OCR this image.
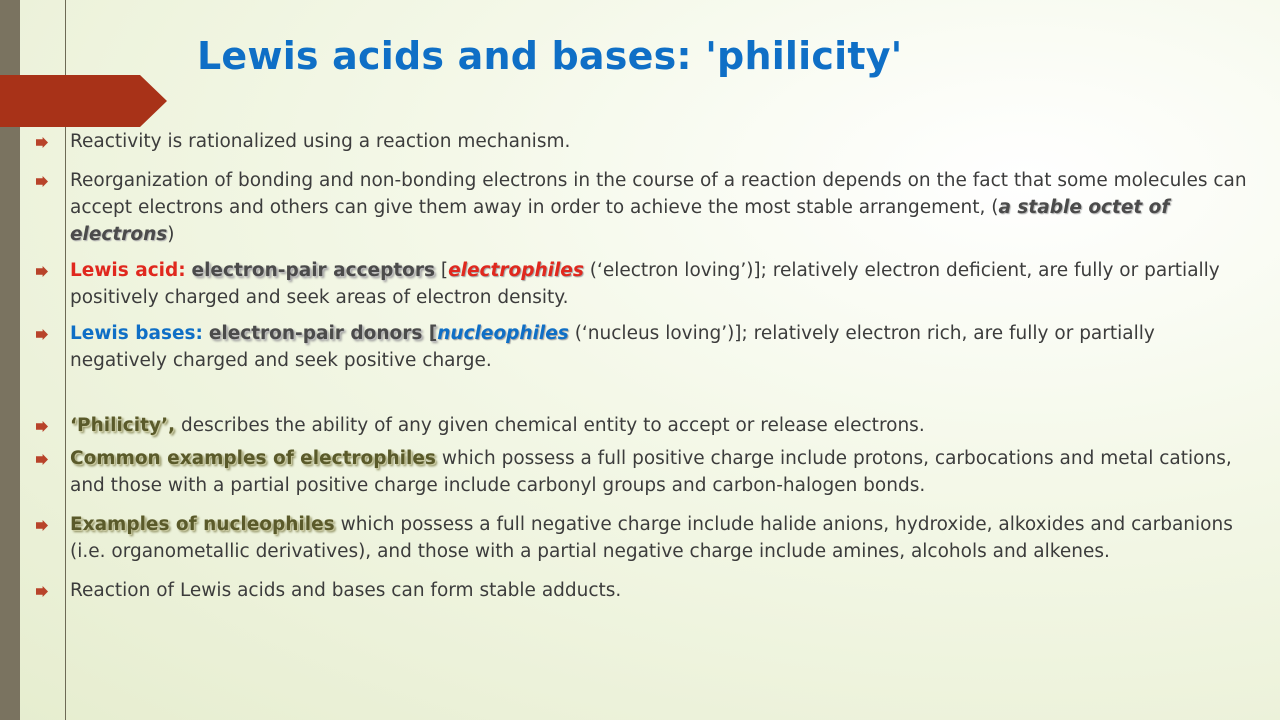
Lewis acids and bases: 'philicity'
Reactivity is rationalized using a reaction mechanism.
Reorganization of bonding and non-bonding electrons in the course of a reaction depends on the fact that some molecules can accept electrons and others can give them away in order to achieve the most stable arrangement, (a stable octet of electrons)
Lewis acid: electron-pair acceptors [electrophiles (‘electron loving’)]; relatively electron deficient, are fully or partially positively charged and seek areas of electron density.
Lewis bases: electron-pair donors [nucleophiles (‘nucleus loving’)]; relatively electron rich, are fully or partially negatively charged and seek positive charge.
‘Philicity’, describes the ability of any given chemical entity to accept or release electrons.
Common examples of electrophiles which possess a full positive charge include protons, carbocations and metal cations, and those with a partial positive charge include carbonyl groups and carbon-halogen bonds.
Examples of nucleophiles which possess a full negative charge include halide anions, hydroxide, alkoxides and carbanions (i.e. organometallic derivatives), and those with a partial negative charge include amines, alcohols and alkenes.
Reaction of Lewis acids and bases can form stable adducts.
